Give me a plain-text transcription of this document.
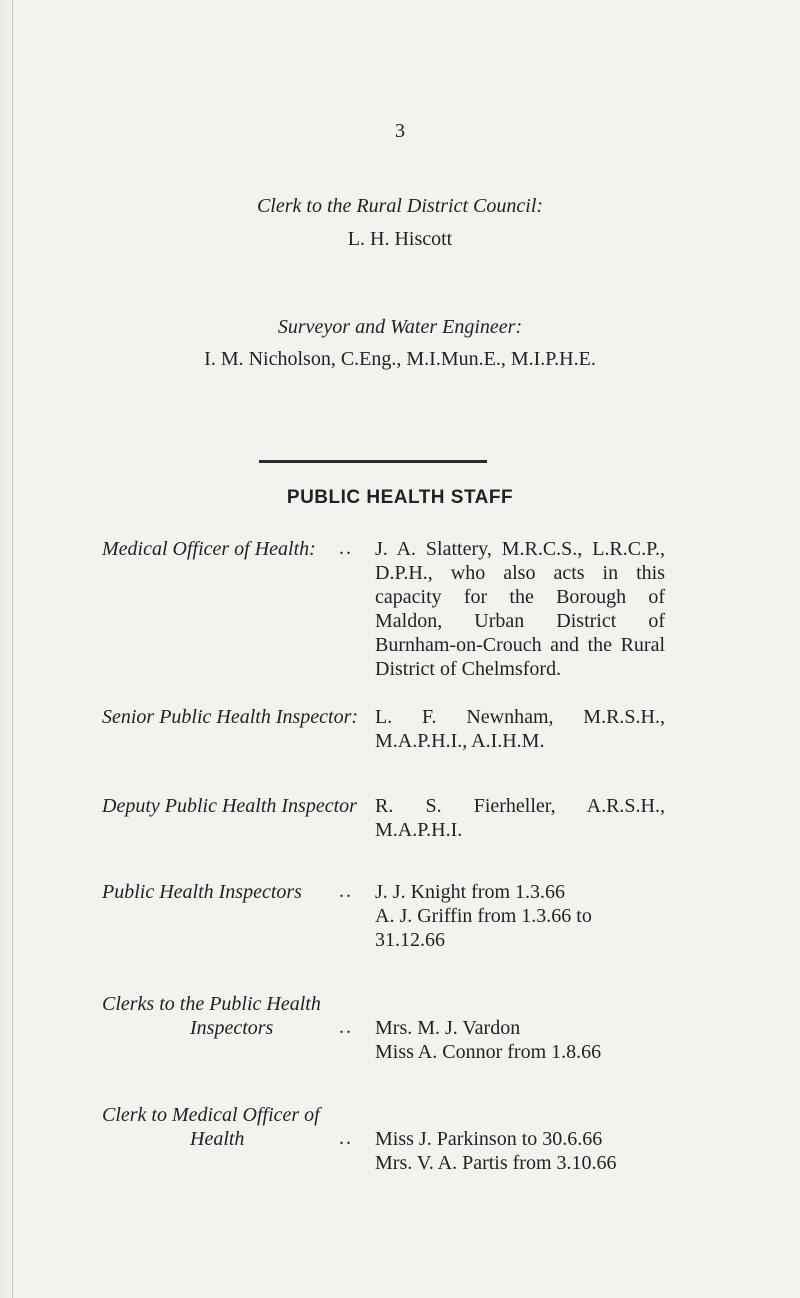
3
Clerk to the Rural District Council:
L. H. Hiscott
Surveyor and Water Engineer:
I. M. Nicholson, C.Eng., M.I.Mun.E., M.I.P.H.E.
PUBLIC HEALTH STAFF
Medical Officer of Health: .. J. A. Slattery, M.R.C.S., L.R.C.P., D.P.H., who also acts in this capacity for the Borough of Maldon, Urban District of Burnham-on-Crouch and the Rural District of Chelmsford.
Senior Public Health Inspector: L. F. Newnham, M.R.S.H., M.A.P.H.I., A.I.H.M.
Deputy Public Health Inspector R. S. Fierheller, A.R.S.H., M.A.P.H.I.
Public Health Inspectors .. J. J. Knight from 1.3.66
A. J. Griffin from 1.3.66 to 31.12.66
Clerks to the Public Health
Inspectors	.. Mrs. M. J. Vardon
Miss A. Connor from 1.8.66
Clerk to Medical Officer of
Health	.. Miss J. Parkinson to 30.6.66
Mrs. V. A. Partis from 3.10.66
